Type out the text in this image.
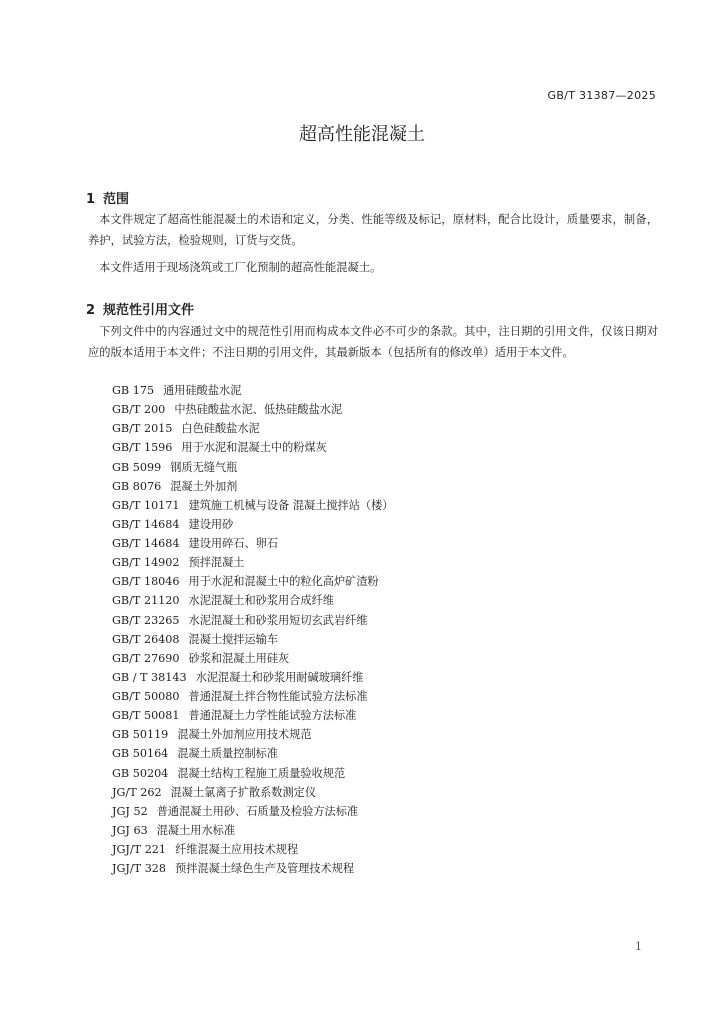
GB/T 31387—2025
超高性能混凝土
1 范围

本文件规定了超高性能混凝土的术语和定义，分类、性能等级及标记，原材料，配合比设计，质量要求，制备，养护，试验方法，检验规则，订货与交货。

本文件适用于现场浇筑或工厂化预制的超高性能混凝土。

2 规范性引用文件

下列文件中的内容通过文中的规范性引用而构成本文件必不可少的条款。其中，注日期的引用文件，仅该日期对应的版本适用于本文件；不注日期的引用文件，其最新版本（包括所有的修改单）适用于本文件。

GB 175 通用硅酸盐水泥
GB/T 200 中热硅酸盐水泥、低热硅酸盐水泥
GB/T 2015 白色硅酸盐水泥
GB/T 1596 用于水泥和混凝土中的粉煤灰
GB 5099 钢质无缝气瓶
GB 8076 混凝土外加剂
GB/T 10171 建筑施工机械与设备 混凝土搅拌站（楼）
GB/T 14684 建设用砂
GB/T 14684 建设用碎石、卵石
GB/T 14902 预拌混凝土
GB/T 18046 用于水泥和混凝土中的粒化高炉矿渣粉
GB/T 21120 水泥混凝土和砂浆用合成纤维
GB/T 23265 水泥混凝土和砂浆用短切玄武岩纤维
GB/T 26408 混凝土搅拌运输车
GB/T 27690 砂浆和混凝土用硅灰
GB / T 38143 水泥混凝土和砂浆用耐碱玻璃纤维
GB/T 50080 普通混凝土拌合物性能试验方法标准
GB/T 50081 普通混凝土力学性能试验方法标准
GB 50119 混凝土外加剂应用技术规范
GB 50164 混凝土质量控制标准
GB 50204 混凝土结构工程施工质量验收规范
JG/T 262 混凝土氯离子扩散系数测定仪
JGJ 52 普通混凝土用砂、石质量及检验方法标准
JGJ 63 混凝土用水标准
JGJ/T 221 纤维混凝土应用技术规程
JGJ/T 328 预拌混凝土绿色生产及管理技术规程
1
